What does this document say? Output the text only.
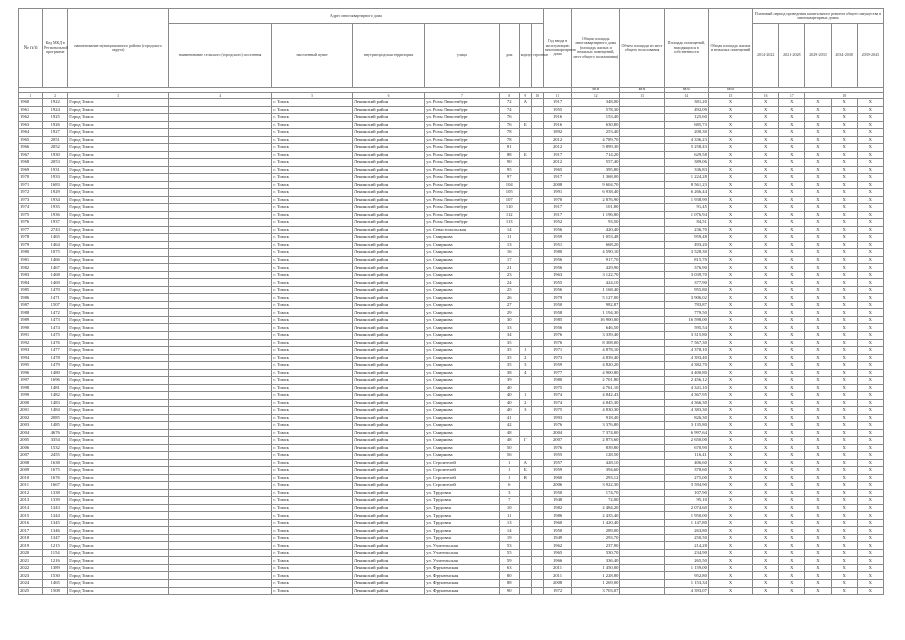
№ п/п	Код МКД в Региональной программе	наименование муниципального района (городского округа)	Адрес многоквартирного дома							Год ввода в эксплуатацию многоквартирного дома	Общая площадь многоквартирного дома (площадь жилых и нежилых помещений, мест общего пользования)	Объем площади из мест общего пользования	Площадь помещений, находящихся в собственности	Общая площадь жилых и нежилых помещений	Плановый период проведения капитального ремонта общего имущества в многоквартирных домах				
			наименование сельского (городского) поселения	населенный пункт	внутригородская территория	улица	дом	корпус	строение						2014-2022	2021-2028	2029-2033	2034-2038	2039-2043
											кв.м	кв.м	кв.м	кв.м					
1	2	3	4	5	6	7	8	9	10	11	12	13	14	15	16	17	18		
1960	1922	Город Томск		г. Томск	Ленинский район	ул. Розы Люксембург	72	А		1917	348,00		381,20	Х	Х	Х	Х	Х	Х
1961	1924	Город Томск		г. Томск	Ленинский район	ул. Розы Люксембург	74			1955	578,30		492,09	Х	Х	Х	Х	Х	Х
1962	1925	Город Томск		г. Томск	Ленинский район	ул. Розы Люксембург	76			1916	153,40		125,60	Х	Х	Х	Х	Х	Х
1963	1926	Город Томск		г. Томск	Ленинский район	ул. Розы Люксембург	76	Б		1916	630,80		685,73	Х	Х	Х	Х	Х	Х
1964	1927	Город Томск		г. Томск	Ленинский район	ул. Розы Люксембург	78			1892	253,40		200,30	Х	Х	Х	Х	Х	Х
1965	2051	Город Томск		г. Томск	Ленинский район	ул. Розы Люксембург	78			2012	4 789,70		4 336,23	Х	Х	Х	Х	Х	Х
1966	2052	Город Томск		г. Томск	Ленинский район	ул. Розы Люксембург	81			2012	5 899,30		5 258,43	Х	Х	Х	Х	Х	Х
1967	1930	Город Томск		г. Томск	Ленинский район	ул. Розы Люксембург	88	Б		1917	714,20		629,58	Х	Х	Х	Х	Х	Х
1968	2053	Город Томск		г. Томск	Ленинский район	ул. Розы Люксембург	90			2012	557,40		389,06	Х	Х	Х	Х	Х	Х
1969	1931	Город Томск		г. Томск	Ленинский район	ул. Розы Люксембург	95			1965	395,80		336,83	Х	Х	Х	Х	Х	Х
1970	1933	Город Томск		г. Томск	Ленинский район	ул. Розы Люксембург	97			1917	1 368,00		1 224,28	Х	Х	Х	Х	Х	Х
1971	1683	Город Томск		г. Томск	Ленинский район	ул. Розы Люксембург	104			2008	9 604,70		8 561,23	Х	Х	Х	Х	Х	Х
1972	1929	Город Томск		г. Томск	Ленинский район	ул. Розы Люксембург	105			1991	6 938,40		6 266,44	Х	Х	Х	Х	Х	Х
1973	1934	Город Томск		г. Томск	Ленинский район	ул. Розы Люксембург	107			1970	2 876,90		1 938,90	Х	Х	Х	Х	Х	Х
1974	1935	Город Томск		г. Томск	Ленинский район	ул. Розы Люксембург	110			1917	101,80		91,45	Х	Х	Х	Х	Х	Х
1975	1936	Город Томск		г. Томск	Ленинский район	ул. Розы Люксембург	112			1917	1 196,80		1 076,94	Х	Х	Х	Х	Х	Х
1976	1937	Город Томск		г. Томск	Ленинский район	ул. Розы Люксембург	113			1952	93,50		84,51	Х	Х	Х	Х	Х	Х
1977	2743	Город Томск		г. Томск	Ленинский район	ул. Севастопольская	14			1956	420,40		236,70	Х	Х	Х	Х	Х	Х
1978	1465	Город Томск		г. Томск	Ленинский район	ул. Смирнова	11			1959	1 053,48		959,48	Х	Х	Х	Х	Х	Х
1979	1464	Город Томск		г. Томск	Ленинский район	ул. Смирнова	13			1951	668,20		493,20	Х	Х	Х	Х	Х	Х
1980	1075	Город Томск		г. Томск	Ленинский район	ул. Смирнова	16			1980	4 590,10		3 528,30	Х	Х	Х	Х	Х	Х
1981	1466	Город Томск		г. Томск	Ленинский район	ул. Смирнова	17			1956	917,70		815,70	Х	Х	Х	Х	Х	Х
1982	1467	Город Томск		г. Томск	Ленинский район	ул. Смирнова	21			1956	429,90		376,90	Х	Х	Х	Х	Х	Х
1983	1468	Город Томск		г. Томск	Ленинский район	ул. Смирнова	23			1963	3 122,70		3 039,70	Х	Х	Х	Х	Х	Х
1984	1469	Город Томск		г. Томск	Ленинский район	ул. Смирнова	24			1955	424,10		377,90	Х	Х	Х	Х	Х	Х
1985	1470	Город Томск		г. Томск	Ленинский район	ул. Смирнова	25			1956	1 168,40		955,80	Х	Х	Х	Х	Х	Х
1986	1471	Город Томск		г. Томск	Ленинский район	ул. Смирнова	26			1979	5 127,00		3 906,02	Х	Х	Х	Х	Х	Х
1987	1507	Город Томск		г. Томск	Ленинский район	ул. Смирнова	27			1950	982,87		783,87	Х	Х	Х	Х	Х	Х
1988	1472	Город Томск		г. Томск	Ленинский район	ул. Смирнова	29			1958	1 194,30		779,50	Х	Х	Х	Х	Х	Х
1989	1473	Город Томск		г. Томск	Ленинский район	ул. Смирнова	30			1985	16 900,00		16 598,00	Х	Х	Х	Х	Х	Х
1990	1474	Город Томск		г. Томск	Ленинский район	ул. Смирнова	33			1956	646,50		595,54	Х	Х	Х	Х	Х	Х
1991	1475	Город Томск		г. Томск	Ленинский район	ул. Смирнова	34			1976	3 339,40		3 315,80	Х	Х	Х	Х	Х	Х
1992	1476	Город Томск		г. Томск	Ленинский район	ул. Смирнова	35			1976	8 308,00		7 567,30	Х	Х	Х	Х	Х	Х
1993	1477	Город Томск		г. Томск	Ленинский район	ул. Смирнова	35	1		1971	4 878,10		4 378,10	Х	Х	Х	Х	Х	Х
1994	1478	Город Томск		г. Томск	Ленинский район	ул. Смирнова	35	2		1973	4 839,40		4 393,40	Х	Х	Х	Х	Х	Х
1995	1479	Город Томск		г. Томск	Ленинский район	ул. Смирнова	35	3		1959	4 820,20		4 382,70	Х	Х	Х	Х	Х	Х
1996	1480	Город Томск		г. Томск	Ленинский район	ул. Смирнова	38	4		1977	4 900,80		4 400,80	Х	Х	Х	Х	Х	Х
1997	1696	Город Томск		г. Томск	Ленинский район	ул. Смирнова	39			1980	2 701,80		2 456,12	Х	Х	Х	Х	Х	Х
1998	1481	Город Томск		г. Томск	Ленинский район	ул. Смирнова	40			1975	4 761,10		4 341,10	Х	Х	Х	Х	Х	Х
1999	1482	Город Томск		г. Томск	Ленинский район	ул. Смирнова	40	1		1974	4 842,43		4 367,95	Х	Х	Х	Х	Х	Х
2000	1483	Город Томск		г. Томск	Ленинский район	ул. Смирнова	40	2		1974	4 845,30		4 366,30	Х	Х	Х	Х	Х	Х
2001	1484	Город Томск		г. Томск	Ленинский район	ул. Смирнова	40	3		1975	4 830,30		4 383,30	Х	Х	Х	Х	Х	Х
2002	2085	Город Томск		г. Томск	Ленинский район	ул. Смирнова	41			1993	918,40		826,30	Х	Х	Х	Х	Х	Х
2003	1485	Город Томск		г. Томск	Ленинский район	ул. Смирнова	42			1976	3 376,80		3 135,80	Х	Х	Х	Х	Х	Х
2004	4676	Город Томск		г. Томск	Ленинский район	ул. Смирнова	48			2004	7 374,00		6 997,64	Х	Х	Х	Х	Х	Х
2005	3354	Город Томск		г. Томск	Ленинский район	ул. Смирнова	48	Г		2007	2 873,60		2 650,00	Х	Х	Х	Х	Х	Х
2006	1532	Город Томск		г. Томск	Ленинский район	ул. Смирнова	50			1976	839,80		670,90	Х	Х	Х	Х	Х	Х
2007	2455	Город Томск		г. Томск	Ленинский район	ул. Смирнова	56			1955	128,50		116,41	Х	Х	Х	Х	Х	Х
2008	1638	Город Томск		г. Томск	Ленинский район	ул. Строителей	1	А		1957	428,10		406,60	Х	Х	Х	Х	Х	Х
2009	1675	Город Томск		г. Томск	Ленинский район	ул. Строителей	1	Б		1959	394,60		378,60	Х	Х	Х	Х	Х	Х
2010	1676	Город Томск		г. Томск	Ленинский район	ул. Строителей	1	В		1960	293,12		275,00	Х	Х	Х	Х	Х	Х
2011	1667	Город Томск		г. Томск	Ленинский район	ул. Строителей	6			2006	3 922,30		3 594,90	Х	Х	Х	Х	Х	Х
2012	1338	Город Томск		г. Томск	Ленинский район	ул. Трудовая	3			1950	174,70		107,90	Х	Х	Х	Х	Х	Х
2013	1339	Город Томск		г. Томск	Ленинский район	ул. Трудовая	7			1948	72,00		95,10	Х	Х	Х	Х	Х	Х
2014	1343	Город Томск		г. Томск	Ленинский район	ул. Трудовая	10			1982	2 484,20		2 074,60	Х	Х	Х	Х	Х	Х
2015	1344	Город Томск		г. Томск	Ленинский район	ул. Трудовая	11			1986	2 435,40		1 950,00	Х	Х	Х	Х	Х	Х
2016	1345	Город Томск		г. Томск	Ленинский район	ул. Трудовая	13			1960	1 420,40		1 147,80	Х	Х	Х	Х	Х	Х
2017	1346	Город Томск		г. Томск	Ленинский район	ул. Трудовая	14			1950	289,00		263,80	Х	Х	Х	Х	Х	Х
2018	1347	Город Томск		г. Томск	Ленинский район	ул. Трудовая	19			1949	293,70		250,50	Х	Х	Х	Х	Х	Х
2019	1215	Город Томск		г. Томск	Ленинский район	ул. Учительская	53			1962	237,90		214,28	Х	Х	Х	Х	Х	Х
2020	1154	Город Томск		г. Томск	Ленинский район	ул. Учительская	55			1965	330,70		234,90	Х	Х	Х	Х	Х	Х
2021	1216	Город Томск		г. Томск	Ленинский район	ул. Учительская	59			1966	336,40		265,50	Х	Х	Х	Х	Х	Х
2022	1389	Город Томск		г. Томск	Ленинский район	ул. Фрунзенская	63			2011	1 450,00		1 159,00	Х	Х	Х	Х	Х	Х
2023	1530	Город Томск		г. Томск	Ленинский район	ул. Фрунзенская	80			2011	1 228,80		952,80	Х	Х	Х	Х	Х	Х
2024	1465	Город Томск		г. Томск	Ленинский район	ул. Фрунзенская	88			2008	1 269,00		1 153,34	Х	Х	Х	Х	Х	Х
2025	1508	Город Томск		г. Томск	Ленинский район	ул. Фрунзенская	90			1972	3 703,07		4 393,07	Х	Х	Х	Х	Х	Х
